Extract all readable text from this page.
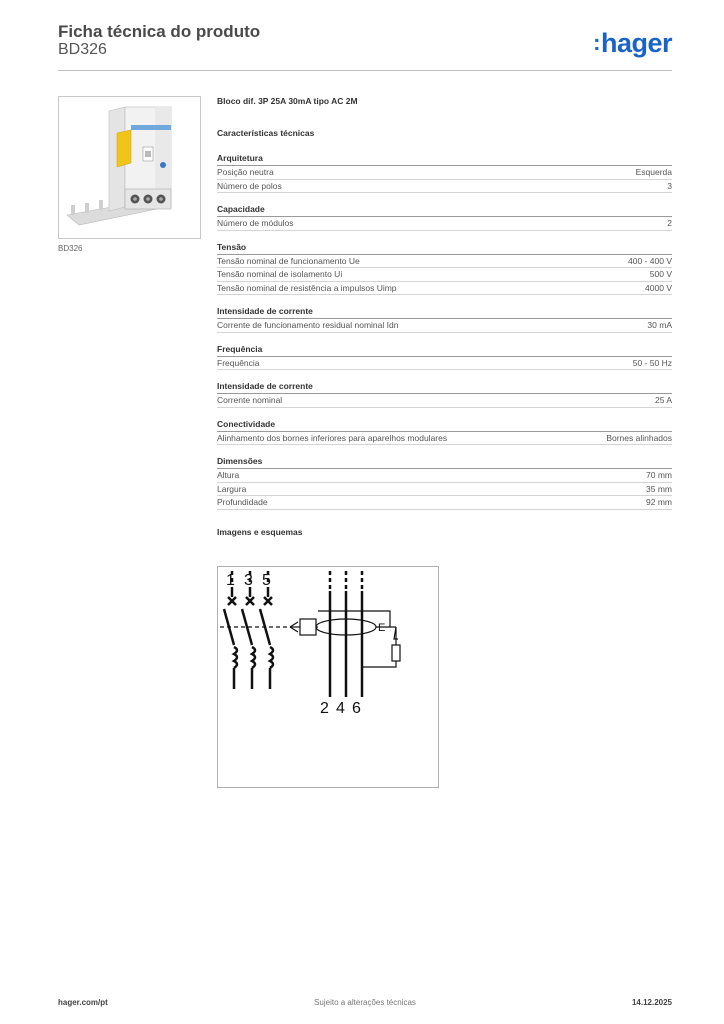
Ficha técnica do produto
BD326	:hager
BD326
Bloco dif. 3P 25A 30mA tipo AC 2M
Características técnicas
Arquitetura
Posição neutra	Esquerda
Número de polos	3
Capacidade
Número de módulos	2
Tensão
Tensão nominal de funcionamento Ue	400 - 400 V
Tensão nominal de isolamento Ui	500 V
Tensão nominal de resistência a impulsos Uimp	4000 V
Intensidade de corrente
Corrente de funcionamento residual nominal Idn	30 mA
Frequência
Frequência	50 - 50 Hz
Intensidade de corrente
Corrente nominal	25 A
Conectividade
Alinhamento dos bornes inferiores para aparelhos modulares	Bornes alinhados
Dimensões
Altura	70 mm
Largura	35 mm
Profundidade	92 mm
Imagens e esquemas
E
1 3 5
2 4 6
hager.com/pt	Sujeito a alterações técnicas	14.12.2025
